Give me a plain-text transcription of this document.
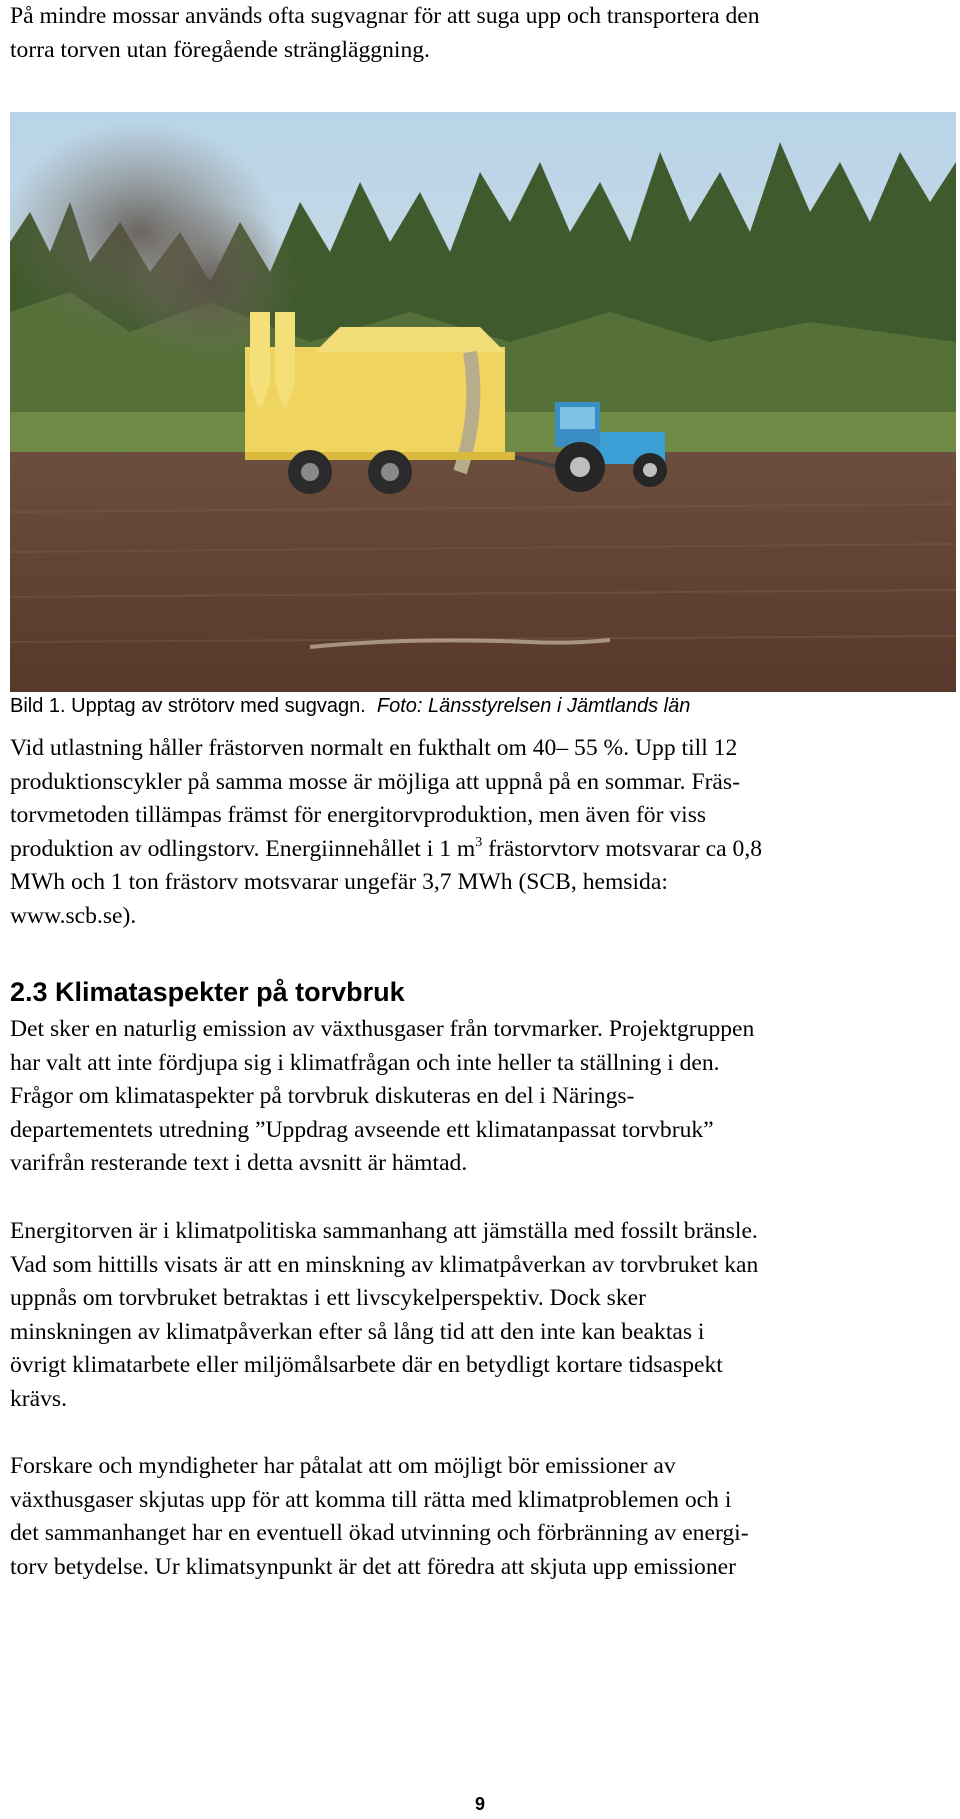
På mindre mossar används ofta sugvagnar för att suga upp och transportera den
torra torven utan föregående strängläggning.
Bild 1. Upptag av strötorv med sugvagn. Foto: Länsstyrelsen i Jämtlands län
Vid utlastning håller frästorven normalt en fukthalt om 40– 55 %. Upp till 12
produktionscykler på samma mosse är möjliga att uppnå på en sommar. Fräs-
torvmetoden tillämpas främst för energitorvproduktion, men även för viss
produktion av odlingstorv. Energiinnehållet i 1 $m^3$ frästorvtorv motsvarar ca 0,8
MWh och 1 ton frästorv motsvarar ungefär 3,7 MWh (SCB, hemsida:
www.scb.se).
2.3 Klimataspekter på torvbruk
Det sker en naturlig emission av växthusgaser från torvmarker. Projektgruppen
har valt att inte fördjupa sig i klimatfrågan och inte heller ta ställning i den.
Frågor om klimataspekter på torvbruk diskuteras en del i Närings-
departementets utredning ”Uppdrag avseende ett klimatanpassat torvbruk”
varifrån resterande text i detta avsnitt är hämtad.
Energitorven är i klimatpolitiska sammanhang att jämställa med fossilt bränsle.
Vad som hittills visats är att en minskning av klimatpåverkan av torvbruket kan
uppnås om torvbruket betraktas i ett livscykelperspektiv. Dock sker
minskningen av klimatpåverkan efter så lång tid att den inte kan beaktas i
övrigt klimatarbete eller miljömålsarbete där en betydligt kortare tidsaspekt
krävs.
Forskare och myndigheter har påtalat att om möjligt bör emissioner av
växthusgaser skjutas upp för att komma till rätta med klimatproblemen och i
det sammanhanget har en eventuell ökad utvinning och förbränning av energi-
torv betydelse. Ur klimatsynpunkt är det att föredra att skjuta upp emissioner
9
